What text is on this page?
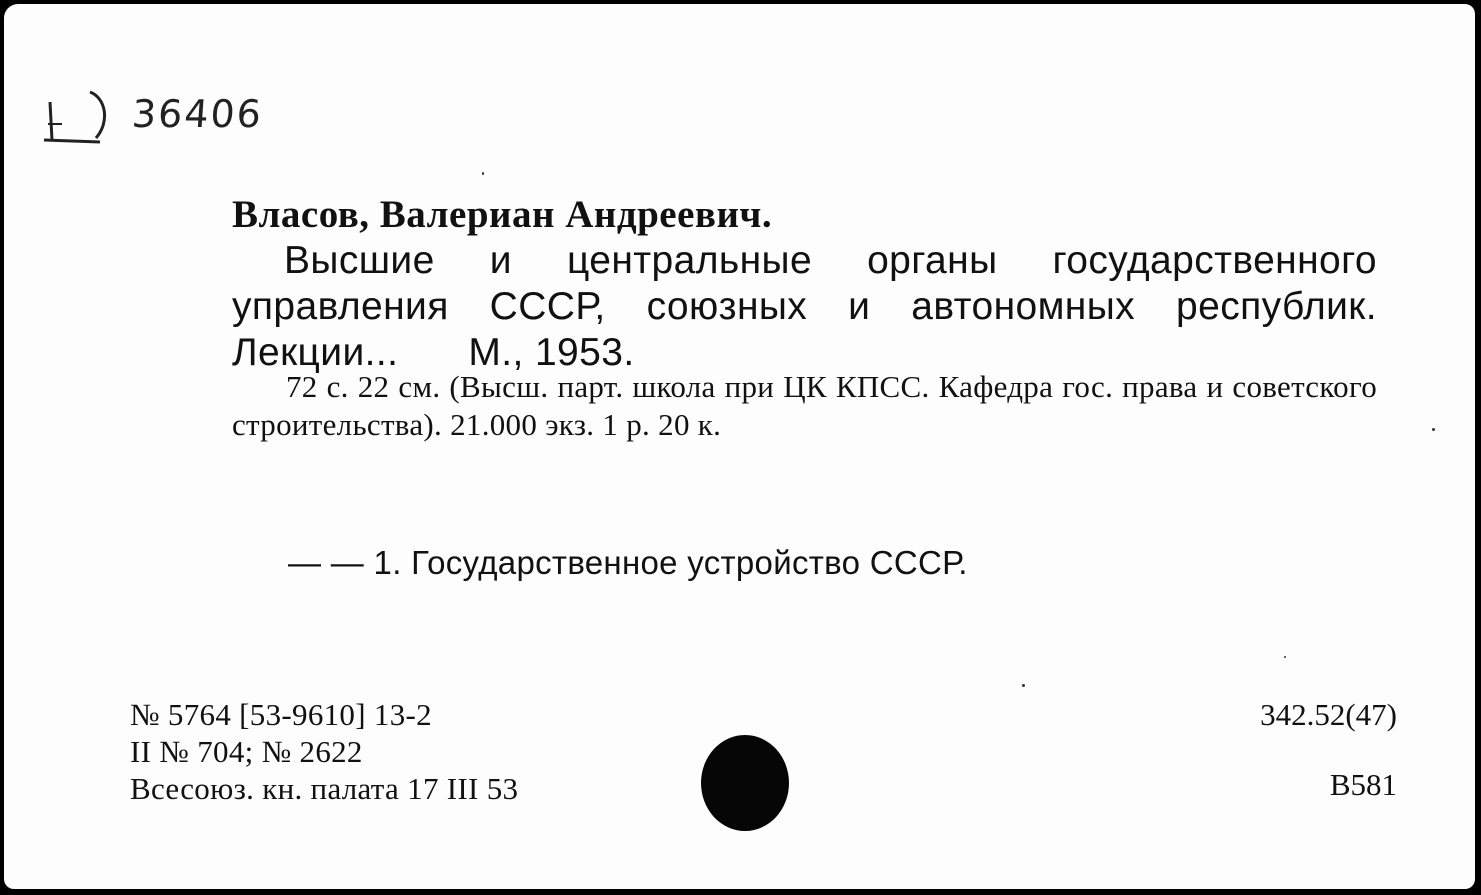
36406
Власов, Валериан Андреевич.
Высшие и центральные органы государственного управления СССР, союзных и автономных республик. Лекции... М., 1953.
72 с. 22 см. (Высш. парт. школа при ЦК КПСС. Кафедра гос. права и советского строительства). 21.000 экз. 1 р. 20 к.
— — 1. Государственное устройство СССР.
№ 5764 [53-9610] 13-2
II № 704; № 2622
Всесоюз. кн. палата 17 III 53
342.52(47)
В581
